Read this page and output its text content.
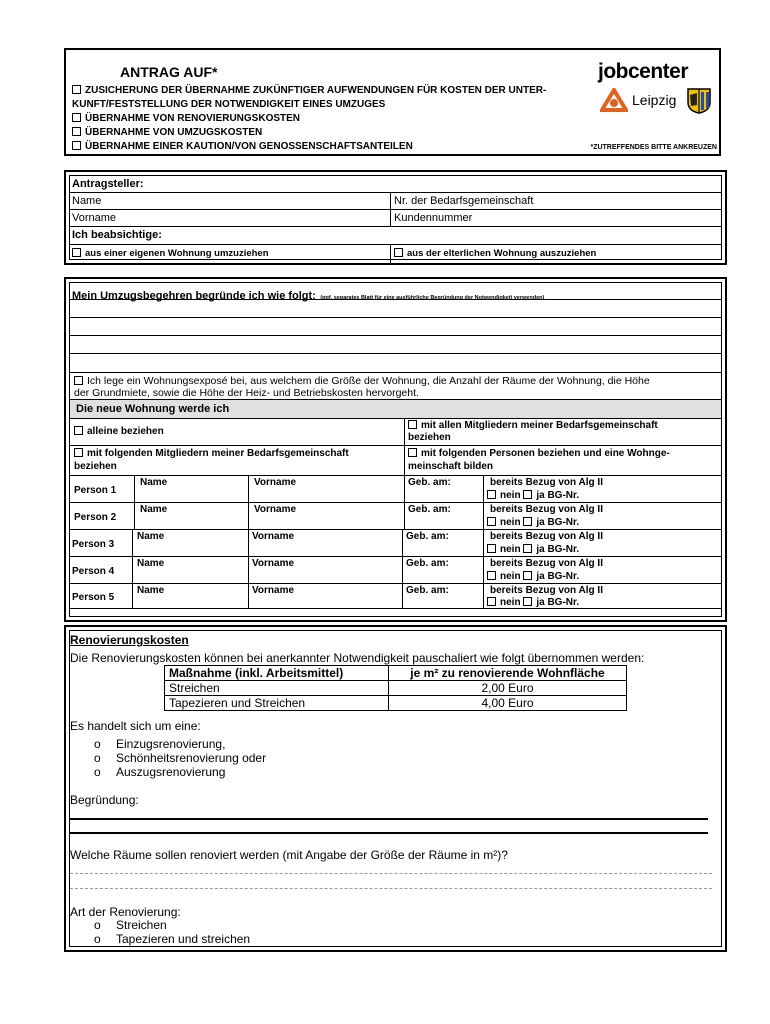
ANTRAG AUF*
ZUSICHERUNG DER ÜBERNAHME ZUKÜNFTIGER AUFWENDUNGEN FÜR KOSTEN DER UNTER-
KUNFT/FESTSTELLUNG DER NOTWENDIGKEIT EINES UMZUGES
ÜBERNAHME VON RENOVIERUNGSKOSTEN
ÜBERNAHME VON UMZUGSKOSTEN
ÜBERNAHME EINER KAUTION/VON GENOSSENSCHAFTSANTEILEN	*ZUTREFFENDES BITTE ANKREUZEN
jobcenter
Leipzig
Antragsteller:
Name	Nr. der Bedarfsgemeinschaft
Vorname	Kundennummer
Ich beabsichtige:
aus einer eigenen Wohnung umzuziehen	aus der elterlichen Wohnung auszuziehen
Mein Umzugsbegehren begründe ich wie folgt: (ggf. separates Blatt für eine ausführliche Begründung der Notwendigkeit verwenden)
Ich lege ein Wohnungsexposé bei, aus welchem die Größe der Wohnung, die Anzahl der Räume der Wohnung, die Höhe
der Grundmiete, sowie die Höhe der Heiz- und Betriebskosten hervorgeht.
Die neue Wohnung werde ich
alleine beziehen
mit allen Mitgliedern meiner Bedarfsgemeinschaft
beziehen
mit folgenden Mitgliedern meiner Bedarfsgemeinschaft
beziehen
mit folgenden Personen beziehen und eine Wohnge-
meinschaft bilden
Person 1
Name	Vorname	Geb. am:	bereits Bezug von Alg II
nein ja BG-Nr.
Person 2
Name	Vorname	Geb. am:	bereits Bezug von Alg II
nein ja BG-Nr.
Person 3
Name	Vorname	Geb. am:	bereits Bezug von Alg II
nein ja BG-Nr.
Person 4
Name	Vorname	Geb. am:	bereits Bezug von Alg II
nein ja BG-Nr.
Person 5
Name	Vorname	Geb. am:	bereits Bezug von Alg II
nein ja BG-Nr.
Renovierungskosten
Die Renovierungskosten können bei anerkannter Notwendigkeit pauschaliert wie folgt übernommen werden:
Maßnahme (inkl. Arbeitsmittel)	je m² zu renovierende Wohnfläche
Streichen	2,00 Euro
Tapezieren und Streichen	4,00 Euro
Es handelt sich um eine:
o Einzugsrenovierung,
o Schönheitsrenovierung oder
o Auszugsrenovierung
Begründung:
Welche Räume sollen renoviert werden (mit Angabe der Größe der Räume in m²)?
Art der Renovierung:
o Streichen
o Tapezieren und streichen
